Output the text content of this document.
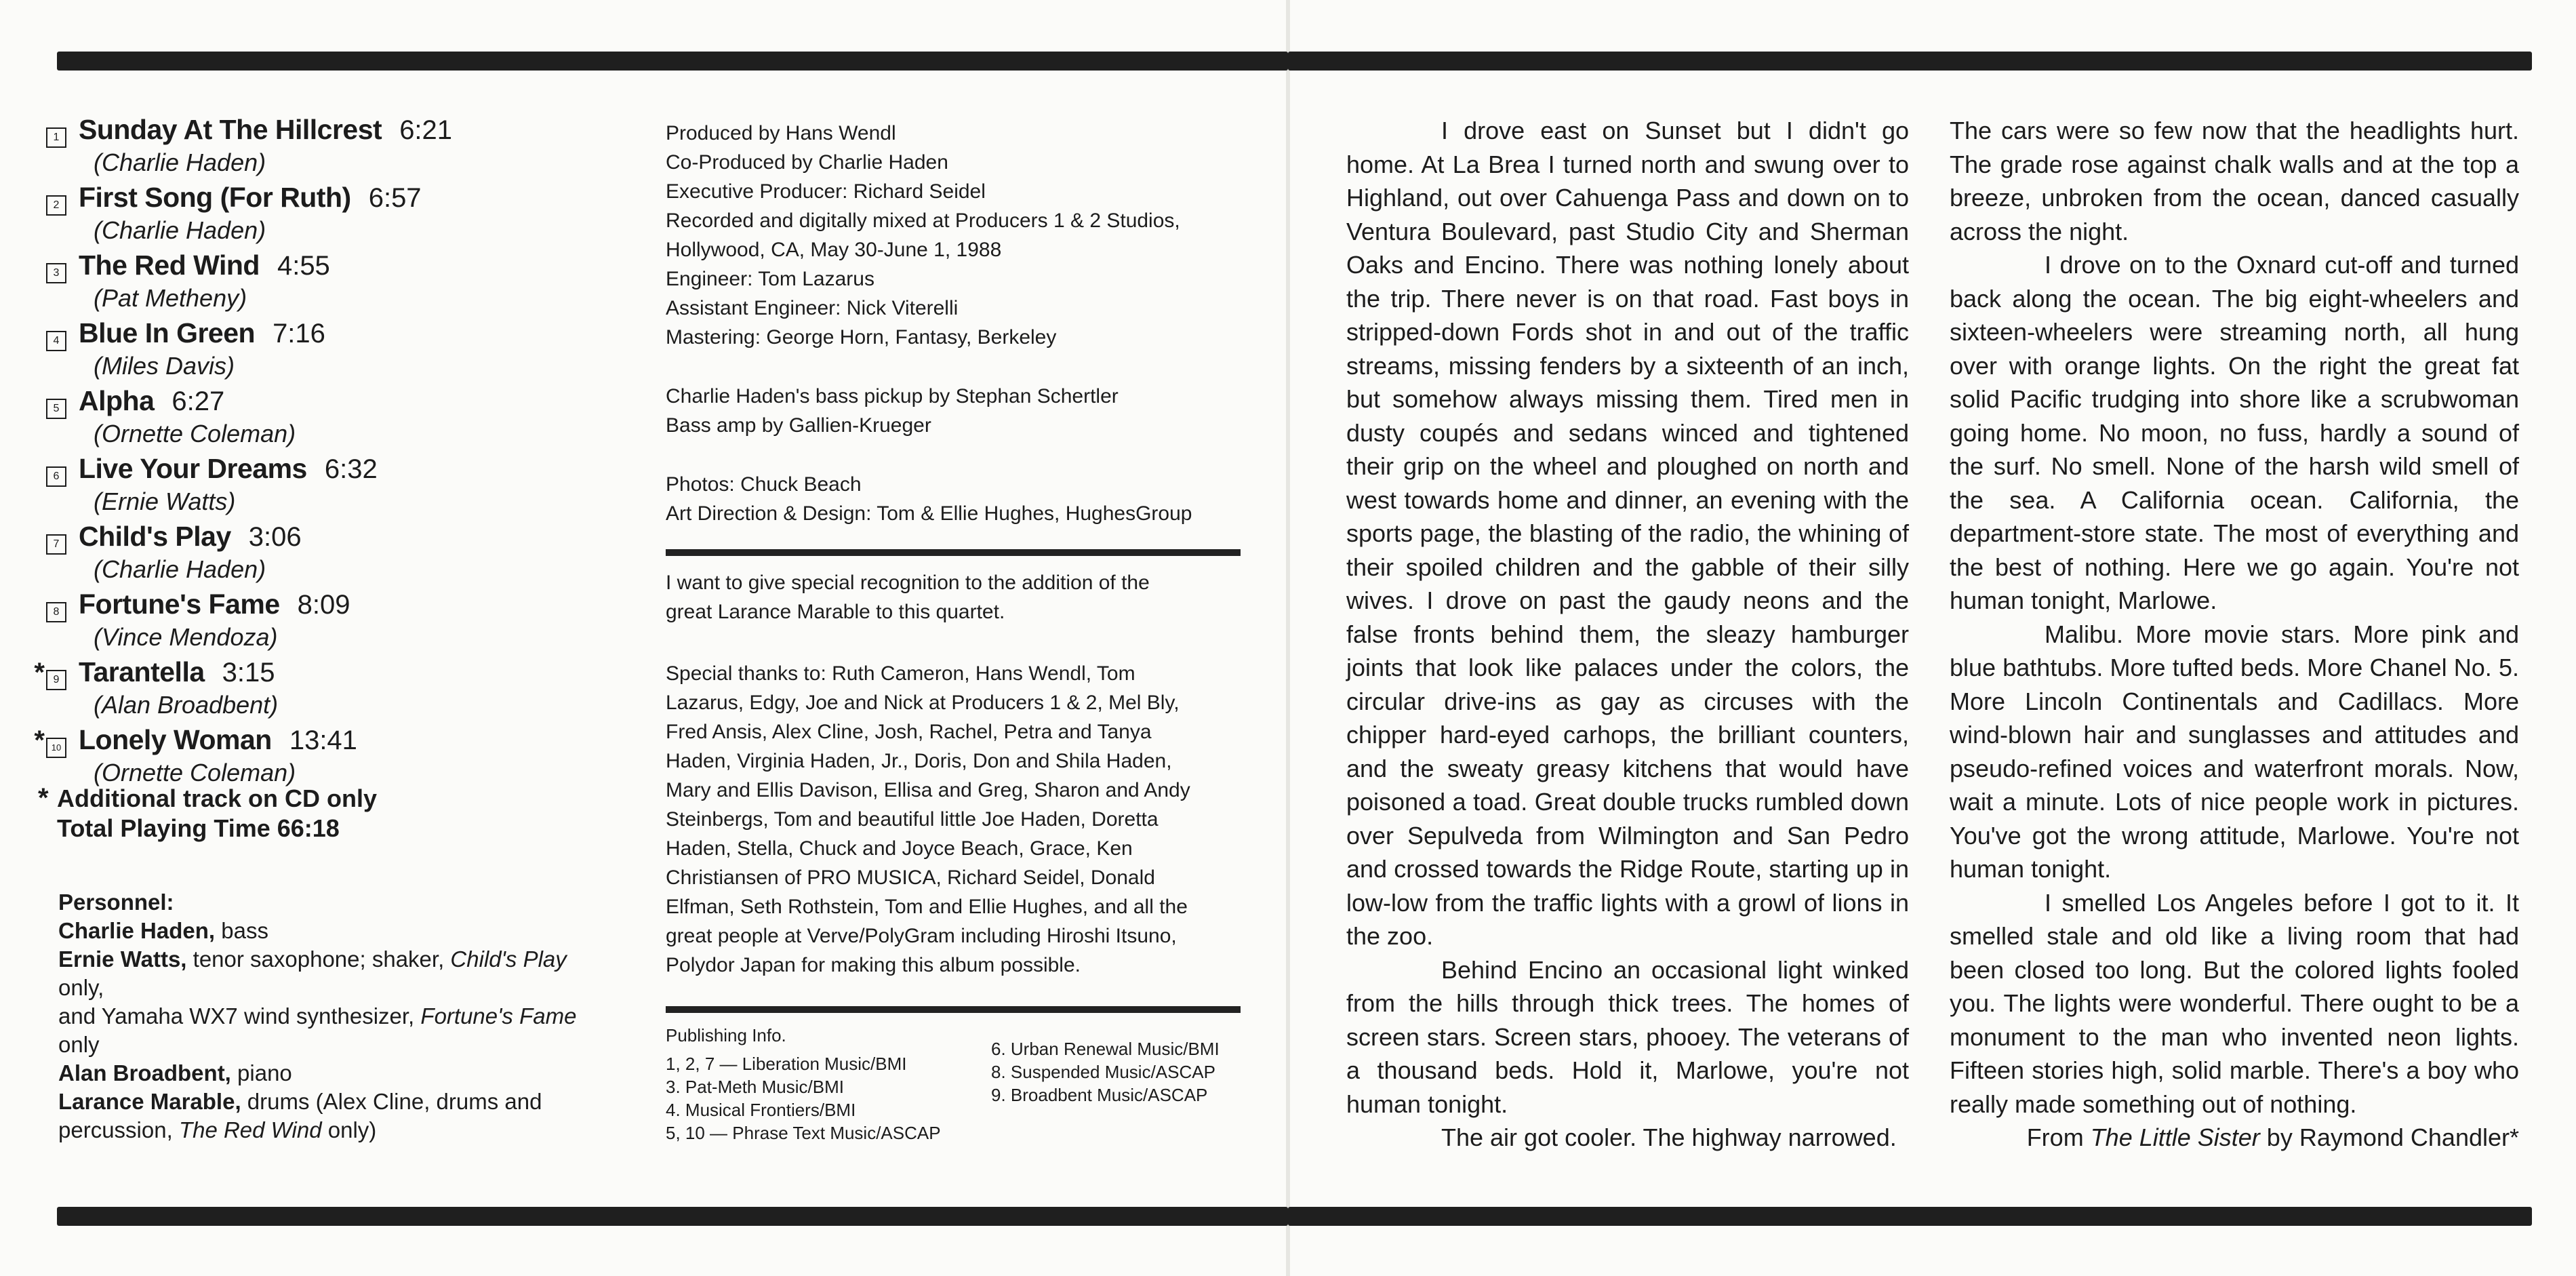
1 Sunday At The Hillcrest 6:21
(Charlie Haden)
2 First Song (For Ruth) 6:57
(Charlie Haden)
3 The Red Wind 4:55
(Pat Metheny)
4 Blue In Green 7:16
(Miles Davis)
5 Alpha 6:27
(Ornette Coleman)
6 Live Your Dreams 6:32
(Ernie Watts)
7 Child's Play 3:06
(Charlie Haden)
8 Fortune's Fame 8:09
(Vince Mendoza)
* 9 Tarantella 3:15
(Alan Broadbent)
* 10 Lonely Woman 13:41
(Ornette Coleman)
* Additional track on CD only
Total Playing Time 66:18
Personnel:
Charlie Haden, bass
Ernie Watts, tenor saxophone; shaker, Child's Play only,
and Yamaha WX7 wind synthesizer, Fortune's Fame only
Alan Broadbent, piano
Larance Marable, drums (Alex Cline, drums and
percussion, The Red Wind only)
Produced by Hans Wendl
Co-Produced by Charlie Haden
Executive Producer: Richard Seidel
Recorded and digitally mixed at Producers 1 & 2 Studios,
Hollywood, CA, May 30-June 1, 1988
Engineer: Tom Lazarus
Assistant Engineer: Nick Viterelli
Mastering: George Horn, Fantasy, Berkeley
Charlie Haden's bass pickup by Stephan Schertler
Bass amp by Gallien-Krueger
Photos: Chuck Beach
Art Direction & Design: Tom & Ellie Hughes, HughesGroup
I want to give special recognition to the addition of the
great Larance Marable to this quartet.
Special thanks to: Ruth Cameron, Hans Wendl, Tom
Lazarus, Edgy, Joe and Nick at Producers 1 & 2, Mel Bly,
Fred Ansis, Alex Cline, Josh, Rachel, Petra and Tanya
Haden, Virginia Haden, Jr., Doris, Don and Shila Haden,
Mary and Ellis Davison, Ellisa and Greg, Sharon and Andy
Steinbergs, Tom and beautiful little Joe Haden, Doretta
Haden, Stella, Chuck and Joyce Beach, Grace, Ken
Christiansen of PRO MUSICA, Richard Seidel, Donald
Elfman, Seth Rothstein, Tom and Ellie Hughes, and all the
great people at Verve/PolyGram including Hiroshi Itsuno,
Polydor Japan for making this album possible.
Publishing Info.
1, 2, 7 — Liberation Music/BMI
3. Pat-Meth Music/BMI
4. Musical Frontiers/BMI
5, 10 — Phrase Text Music/ASCAP
6. Urban Renewal Music/BMI
8. Suspended Music/ASCAP
9. Broadbent Music/ASCAP

I drove east on Sunset but I didn't go home. At La Brea I turned north and swung over to Highland, out over Cahuenga Pass and down on to Ventura Boulevard, past Studio City and Sherman Oaks and Encino. There was nothing lonely about the trip. There never is on that road. Fast boys in stripped-down Fords shot in and out of the traffic streams, missing fenders by a sixteenth of an inch, but somehow always missing them. Tired men in dusty coupés and sedans winced and tightened their grip on the wheel and ploughed on north and west towards home and dinner, an evening with the sports page, the blasting of the radio, the whining of their spoiled children and the gabble of their silly wives. I drove on past the gaudy neons and the false fronts behind them, the sleazy hamburger joints that look like palaces under the colors, the circular drive-ins as gay as circuses with the chipper hard-eyed carhops, the brilliant counters, and the sweaty greasy kitchens that would have poisoned a toad. Great double trucks rumbled down over Sepulveda from Wilmington and San Pedro and crossed towards the Ridge Route, starting up in low-low from the traffic lights with a growl of lions in the zoo.

Behind Encino an occasional light winked from the hills through thick trees. The homes of screen stars. Screen stars, phooey. The veterans of a thousand beds. Hold it, Marlowe, you're not human tonight.

The air got cooler. The highway narrowed.

The cars were so few now that the headlights hurt. The grade rose against chalk walls and at the top a breeze, unbroken from the ocean, danced casually across the night.

I drove on to the Oxnard cut-off and turned back along the ocean. The big eight-wheelers and sixteen-wheelers were streaming north, all hung over with orange lights. On the right the great fat solid Pacific trudging into shore like a scrubwoman going home. No moon, no fuss, hardly a sound of the surf. No smell. None of the harsh wild smell of the sea. A California ocean. California, the department-store state. The most of everything and the best of nothing. Here we go again. You're not human tonight, Marlowe.

Malibu. More movie stars. More pink and blue bathtubs. More tufted beds. More Chanel No. 5. More Lincoln Continentals and Cadillacs. More wind-blown hair and sunglasses and attitudes and pseudo-refined voices and waterfront morals. Now, wait a minute. Lots of nice people work in pictures. You've got the wrong attitude, Marlowe. You're not human tonight.

I smelled Los Angeles before I got to it. It smelled stale and old like a living room that had been closed too long. But the colored lights fooled you. The lights were wonderful. There ought to be a monument to the man who invented neon lights. Fifteen stories high, solid marble. There's a boy who really made something out of nothing.

From The Little Sister by Raymond Chandler*
